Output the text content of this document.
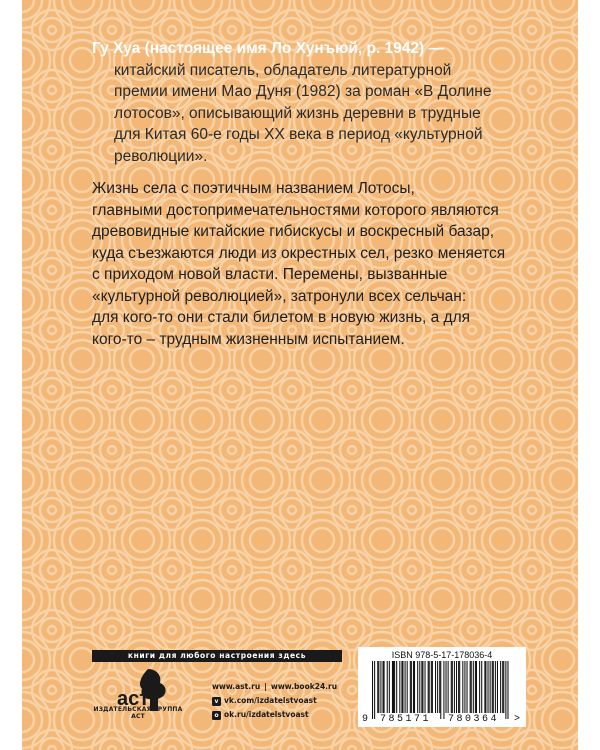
Гу Хуа (настоящее имя Ло Хунъюй, р. 1942) —
китайский писатель, обладатель литературной
премии имени Мао Дуня (1982) за роман «В Долине
лотосов», описывающий жизнь деревни в трудные
для Китая 60-е годы XX века в период «культурной
революции».
Жизнь села с поэтичным названием Лотосы,
главными достопримечательностями которого являются
древовидные китайские гибискусы и воскресный базар,
куда съезжаются люди из окрестных сел, резко меняется
с приходом новой власти. Перемены, вызванные
«культурной революцией», затронули всех сельчан:
для кого-то они стали билетом в новую жизнь, а для
кого-то – трудным жизненным испытанием.
книги для любого настроения здесь
аст
ИЗДАТЕЛЬСКАЯ ГРУППА АСТ
www.ast.ru | www.book24.ru
v vk.com/izdatelstvoast
o ok.ru/izdatelstvoast
ISBN 978-5-17-178036-4
9 785171 780364 >
